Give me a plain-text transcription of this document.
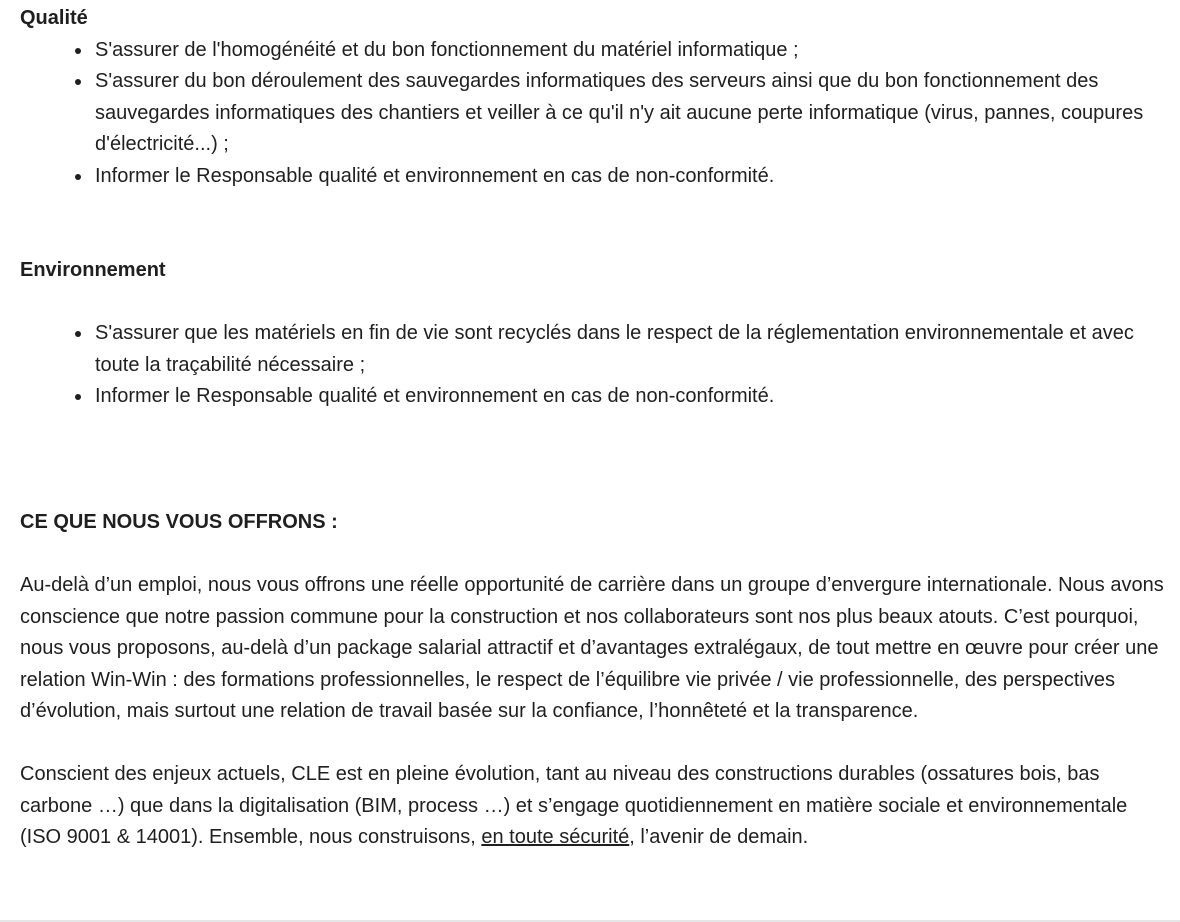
Qualité

S'assurer de l'homogénéité et du bon fonctionnement du matériel informatique ;
S'assurer du bon déroulement des sauvegardes informatiques des serveurs ainsi que du bon fonctionnement des sauvegardes informatiques des chantiers et veiller à ce qu'il n'y ait aucune perte informatique (virus, pannes, coupures d'électricité...) ;
Informer le Responsable qualité et environnement en cas de non-conformité.

Environnement

S'assurer que les matériels en fin de vie sont recyclés dans le respect de la réglementation environnementale et avec toute la traçabilité nécessaire ;
Informer le Responsable qualité et environnement en cas de non-conformité.

CE QUE NOUS VOUS OFFRONS :

Au-delà d’un emploi, nous vous offrons une réelle opportunité de carrière dans un groupe d’envergure internationale. Nous avons conscience que notre passion commune pour la construction et nos collaborateurs sont nos plus beaux atouts. C’est pourquoi, nous vous proposons, au-delà d’un package salarial attractif et d’avantages extralégaux, de tout mettre en œuvre pour créer une relation Win-Win : des formations professionnelles, le respect de l’équilibre vie privée / vie professionnelle, des perspectives d’évolution, mais surtout une relation de travail basée sur la confiance, l’honnêteté et la transparence.

Conscient des enjeux actuels, CLE est en pleine évolution, tant au niveau des constructions durables (ossatures bois, bas carbone …) que dans la digitalisation (BIM, process …) et s’engage quotidiennement en matière sociale et environnementale (ISO 9001 & 14001). Ensemble, nous construisons, en toute sécurité, l’avenir de demain.
